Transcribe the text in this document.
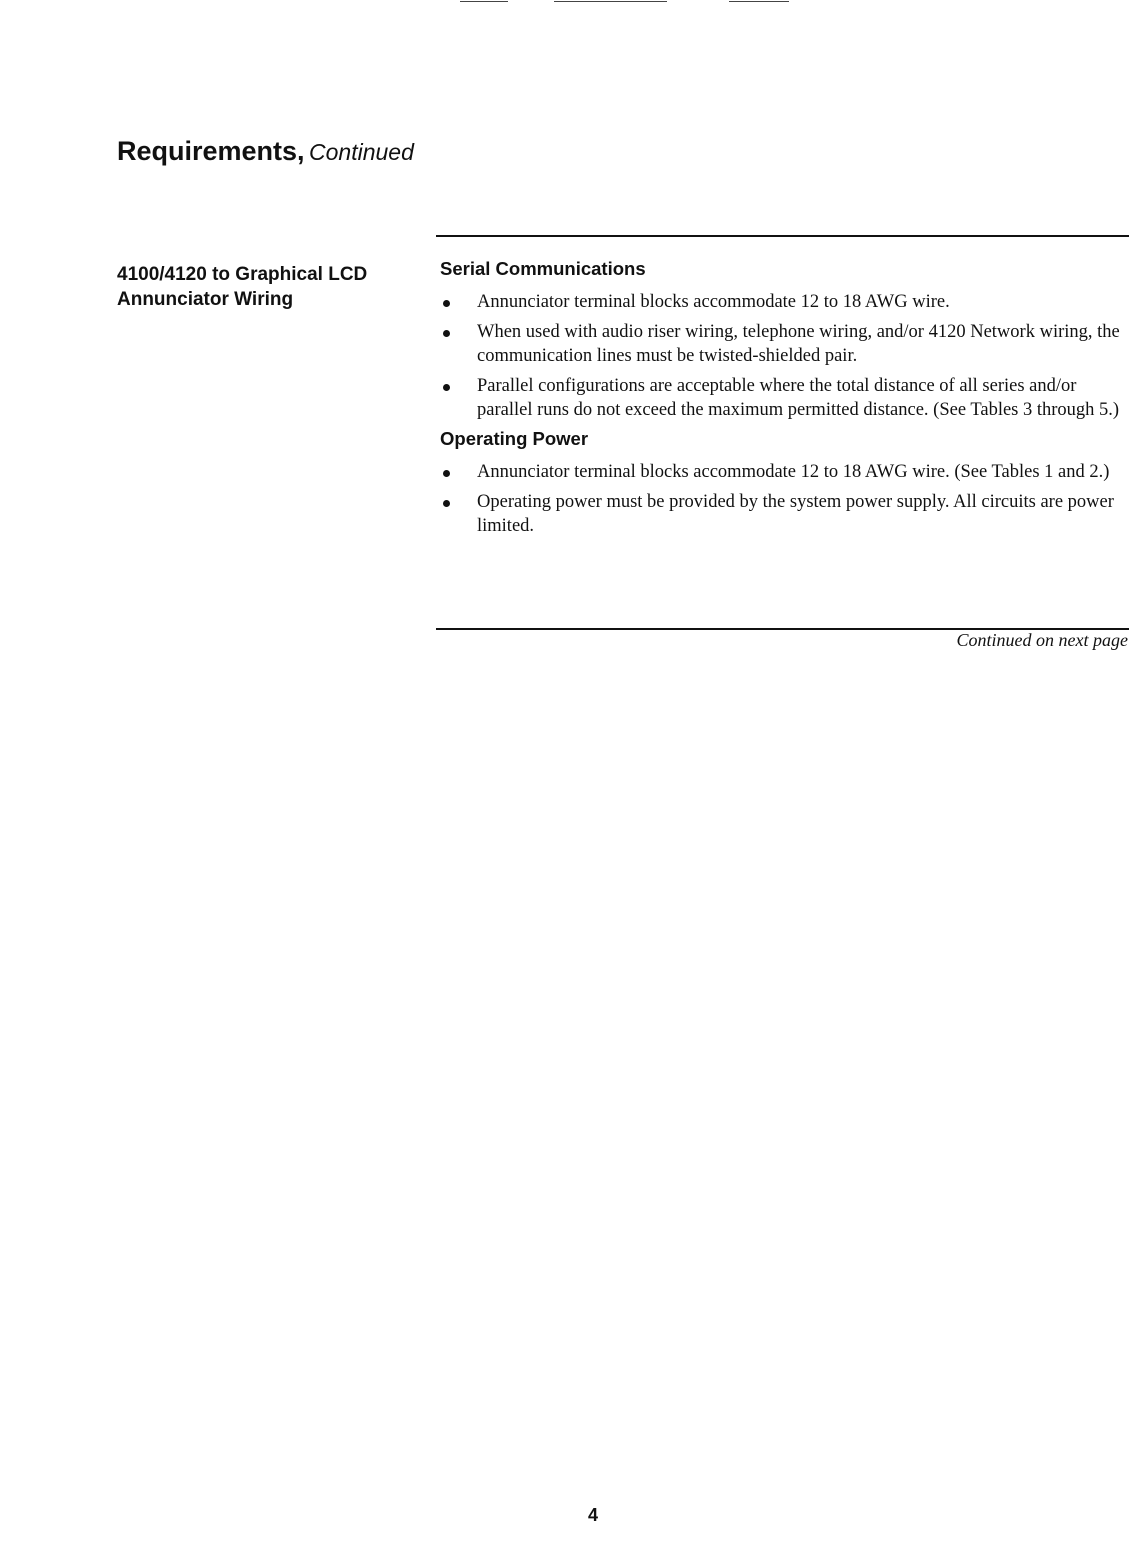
Requirements, Continued
4100/4120 to Graphical LCD
Annunciator Wiring
Serial Communications
Annunciator terminal blocks accommodate 12 to 18 AWG wire.
When used with audio riser wiring, telephone wiring, and/or 4120 Network wiring, the communication lines must be twisted-shielded pair.
Parallel configurations are acceptable where the total distance of all series and/or parallel runs do not exceed the maximum permitted distance. (See Tables 3 through 5.)
Operating Power
Annunciator terminal blocks accommodate 12 to 18 AWG wire. (See Tables 1 and 2.)
Operating power must be provided by the system power supply. All circuits are power limited.
Continued on next page
4
